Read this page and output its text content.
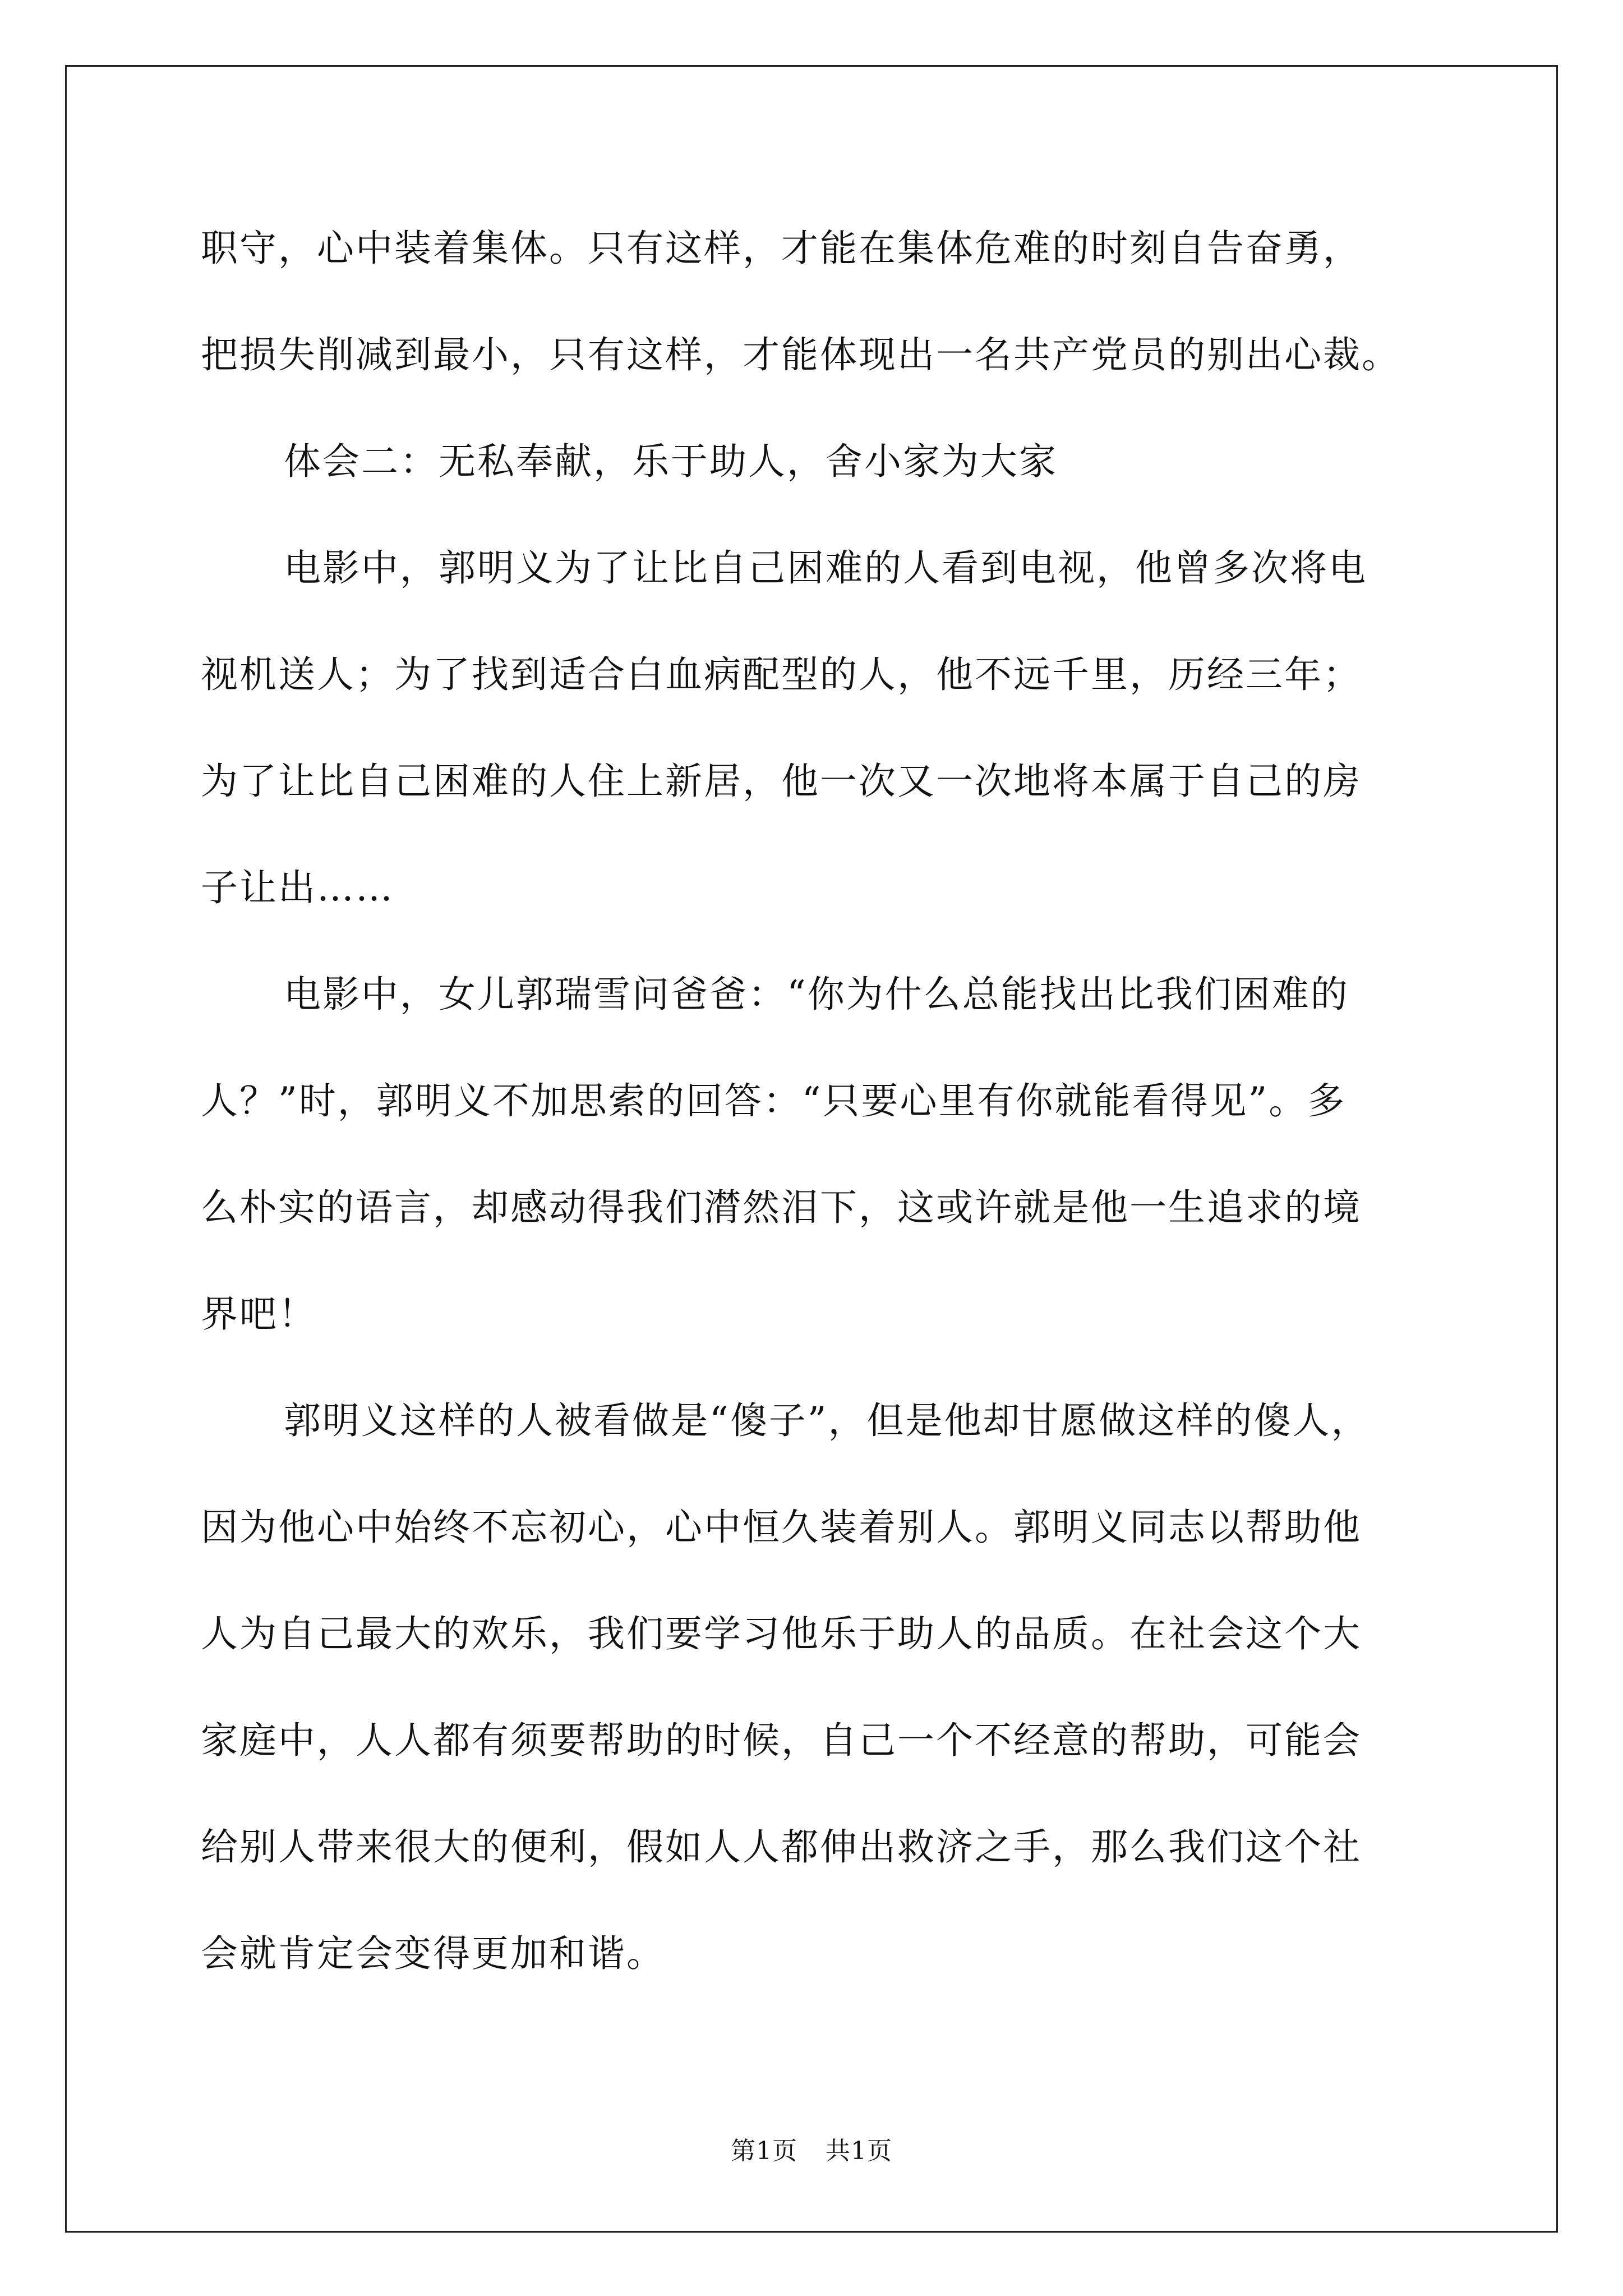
职守，心中装着集体。只有这样，才能在集体危难的时刻自告奋勇，
把损失削减到最小，只有这样，才能体现出一名共产党员的别出心裁。
体会二：无私奉献，乐于助人，舍小家为大家
电影中，郭明义为了让比自己困难的人看到电视，他曾多次将电
视机送人；为了找到适合白血病配型的人，他不远千里，历经三年；
为了让比自己困难的人住上新居，他一次又一次地将本属于自己的房
子让出……
电影中，女儿郭瑞雪问爸爸：“你为什么总能找出比我们困难的
人？”时，郭明义不加思索的回答：“只要心里有你就能看得见”。多
么朴实的语言，却感动得我们潸然泪下，这或许就是他一生追求的境
界吧！
郭明义这样的人被看做是“傻子”，但是他却甘愿做这样的傻人，
因为他心中始终不忘初心，心中恒久装着别人。郭明义同志以帮助他
人为自己最大的欢乐，我们要学习他乐于助人的品质。在社会这个大
家庭中，人人都有须要帮助的时候，自己一个不经意的帮助，可能会
给别人带来很大的便利，假如人人都伸出救济之手，那么我们这个社
会就肯定会变得更加和谐。
第1页 共1页
